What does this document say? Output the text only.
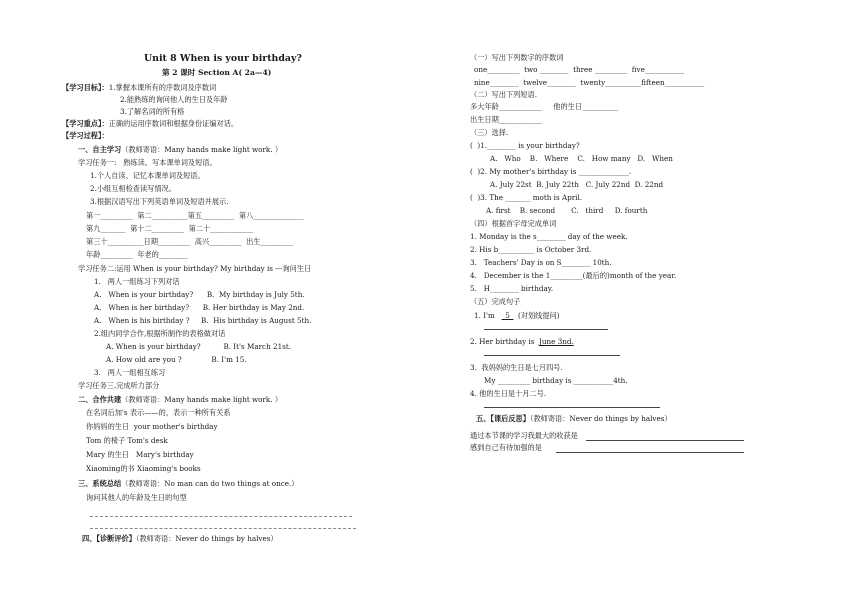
Unit 8 When is your birthday?
第 2 课时 Section A( 2a—4)
【学习目标】：1.掌握本课所有的序数词及序数词
2.能熟练的询问他人的生日及年龄
3.了解名词的所有格
【学习重点】：正确的运用序数词和根据身份证编对话。
【学习过程】：
一、自主学习（教师寄语：Many hands make light work. ）
学习任务一:   熟练读、写本课单词及短语。
1.个人自读、记忆本课单词及短语。
2.小组互相检查读写情况。
3.根据汉语写出下列英语单词及短语并展示.
第一_________  第二__________第五_________  第八______________
第九_______  第十二_________  第二十____________
第三十__________日期_________  高兴_________  出生_________
年龄_________  年老的________
学习任务二:运用 When is your birthday? My birthday is ---询问生日
1.   两人一组练习下列对话
A.   When is your birthday?      B.  My birthday is July 5th.
A.   When is her birthday?      B. Her birthday is May 2nd.
A.   When is his birthday ?     B.  His birthday is August 5th.
2.组内同学合作,根据所制作的表格做对话
A. When is your birthday?          B. It's March 21st.
A. How old are you ?             B. I'm 15.
3.   两人一组相互练习
学习任务三.完成听力部分
二、合作共建（教师寄语：Many hands make light work. ）
在名词后加's 表示——的，表示一种所有关系
你妈妈的生日  your mother's birthday
Tom 的椅子 Tom's desk
Mary 的生日   Mary's birthday
Xiaoming的书 Xiaoming's books
三、系统总结（教师寄语：No man can do two things at once.）
询问其他人的年龄及生日的句型
四、【诊断评价】（教师寄语：Never do things by halves）
（一）写出下列数字的序数词
one_________  two ________  three _________  five___________
nine________  twelve________  twenty__________fifteen___________
（二）写出下列短语.
多大年龄____________     他的生日__________
出生日期____________
（三）选择.
(  )1.________ is your birthday?
A.   Who    B.   Where    C.   How many   D.   When
(  )2. My mother's birthday is ______________.
A. July 22st  B. July 22th   C. July 22nd  D. 22nd
(  )3. The _______ moth is April.
A. first    B. second       C.   third     D. fourth
（四）根据首字母完成单词
1. Monday is the s________ day of the week.
2. His b__________ is October 3rd.
3.   Teachers' Day is on S________ 10th.
4.   December is the 1_________(最后的)month of the year.
5.   H________ birthday.
（五）完成句子
1. I'm   _5_  (对划线提问)
2. Her birthday is  June 3nd.
3.  我妈妈的生日是七月四号.
My _________ birthday is ___________4th.
4. 他的生日是十月二号.
五、【课后反思】（教师寄语：Never do things by halves）
通过本节课的学习我最大的收获是
感到自己有待加强的是
